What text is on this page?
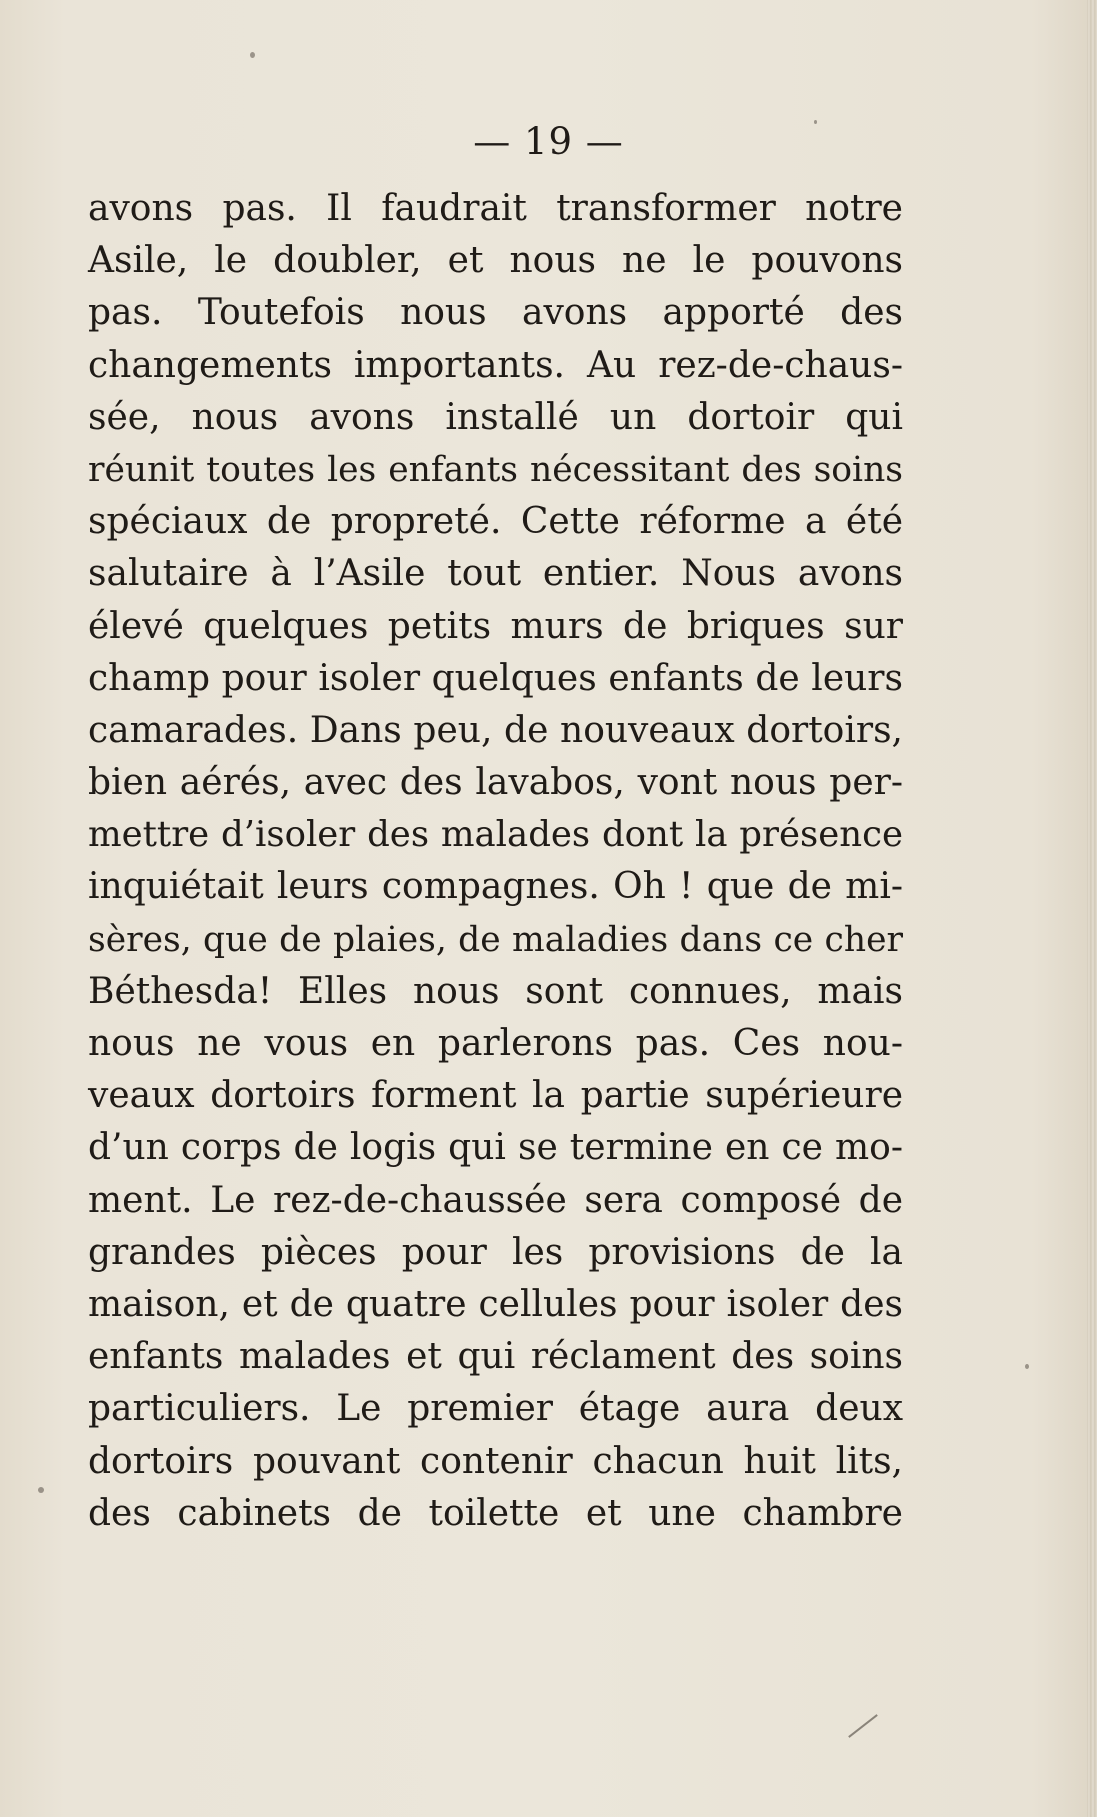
— 19 —
avons pas. Il faudrait transformer notre
Asile, le doubler, et nous ne le pouvons
pas. Toutefois nous avons apporté des
changements importants. Au rez-de-chaus-
sée, nous avons installé un dortoir qui
réunit toutes les enfants nécessitant des soins
spéciaux de propreté. Cette réforme a été
salutaire à l’Asile tout entier. Nous avons
élevé quelques petits murs de briques sur
champ pour isoler quelques enfants de leurs
camarades. Dans peu, de nouveaux dortoirs,
bien aérés, avec des lavabos, vont nous per-
mettre d’isoler des malades dont la présence
inquiétait leurs compagnes. Oh ! que de mi-
sères, que de plaies, de maladies dans ce cher
Béthesda! Elles nous sont connues, mais
nous ne vous en parlerons pas. Ces nou-
veaux dortoirs forment la partie supérieure
d’un corps de logis qui se termine en ce mo-
ment. Le rez-de-chaussée sera composé de
grandes pièces pour les provisions de la
maison, et de quatre cellules pour isoler des
enfants malades et qui réclament des soins
particuliers. Le premier étage aura deux
dortoirs pouvant contenir chacun huit lits,
des cabinets de toilette et une chambre
